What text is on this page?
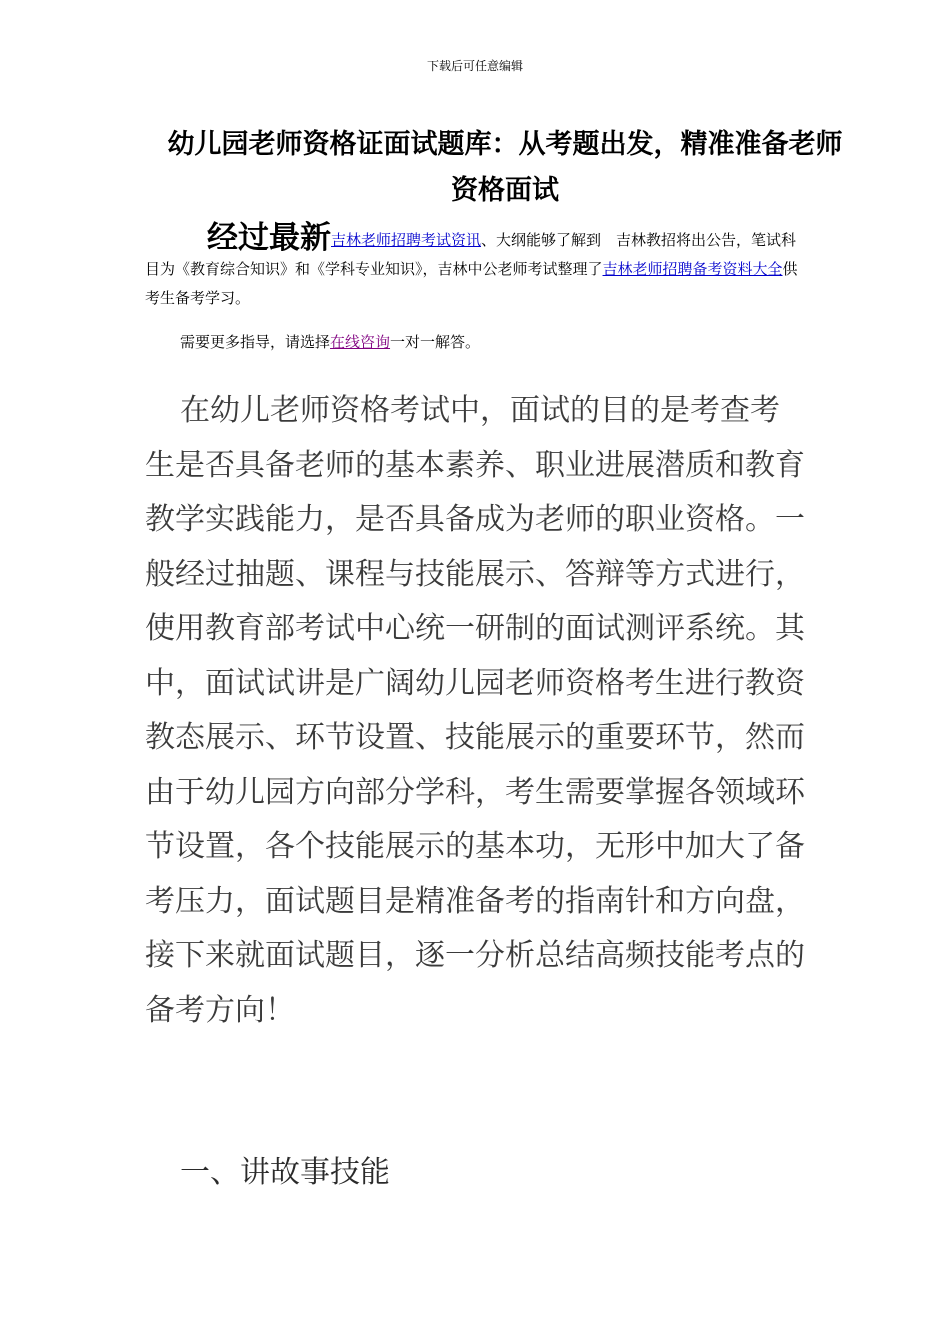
下载后可任意编辑
幼儿园老师资格证面试题库：从考题出发，精准准备老师资格面试
经过最新吉林老师招聘考试资讯、大纲能够了解到　吉林教招将出公告，笔试科目为《教育综合知识》和《学科专业知识》，吉林中公老师考试整理了吉林老师招聘备考资料大全供考生备考学习。
需要更多指导，请选择在线咨询一对一解答。

在幼儿老师资格考试中，面试的目的是考查考生是否具备老师的基本素养、职业进展潜质和教育教学实践能力，是否具备成为老师的职业资格。一般经过抽题、课程与技能展示、答辩等方式进行，使用教育部考试中心统一研制的面试测评系统。其中，面试试讲是广阔幼儿园老师资格考生进行教资教态展示、环节设置、技能展示的重要环节，然而由于幼儿园方向部分学科，考生需要掌握各领域环节设置，各个技能展示的基本功，无形中加大了备考压力，面试题目是精准备考的指南针和方向盘，接下来就面试题目，逐一分析总结高频技能考点的备考方向！

一、讲故事技能
